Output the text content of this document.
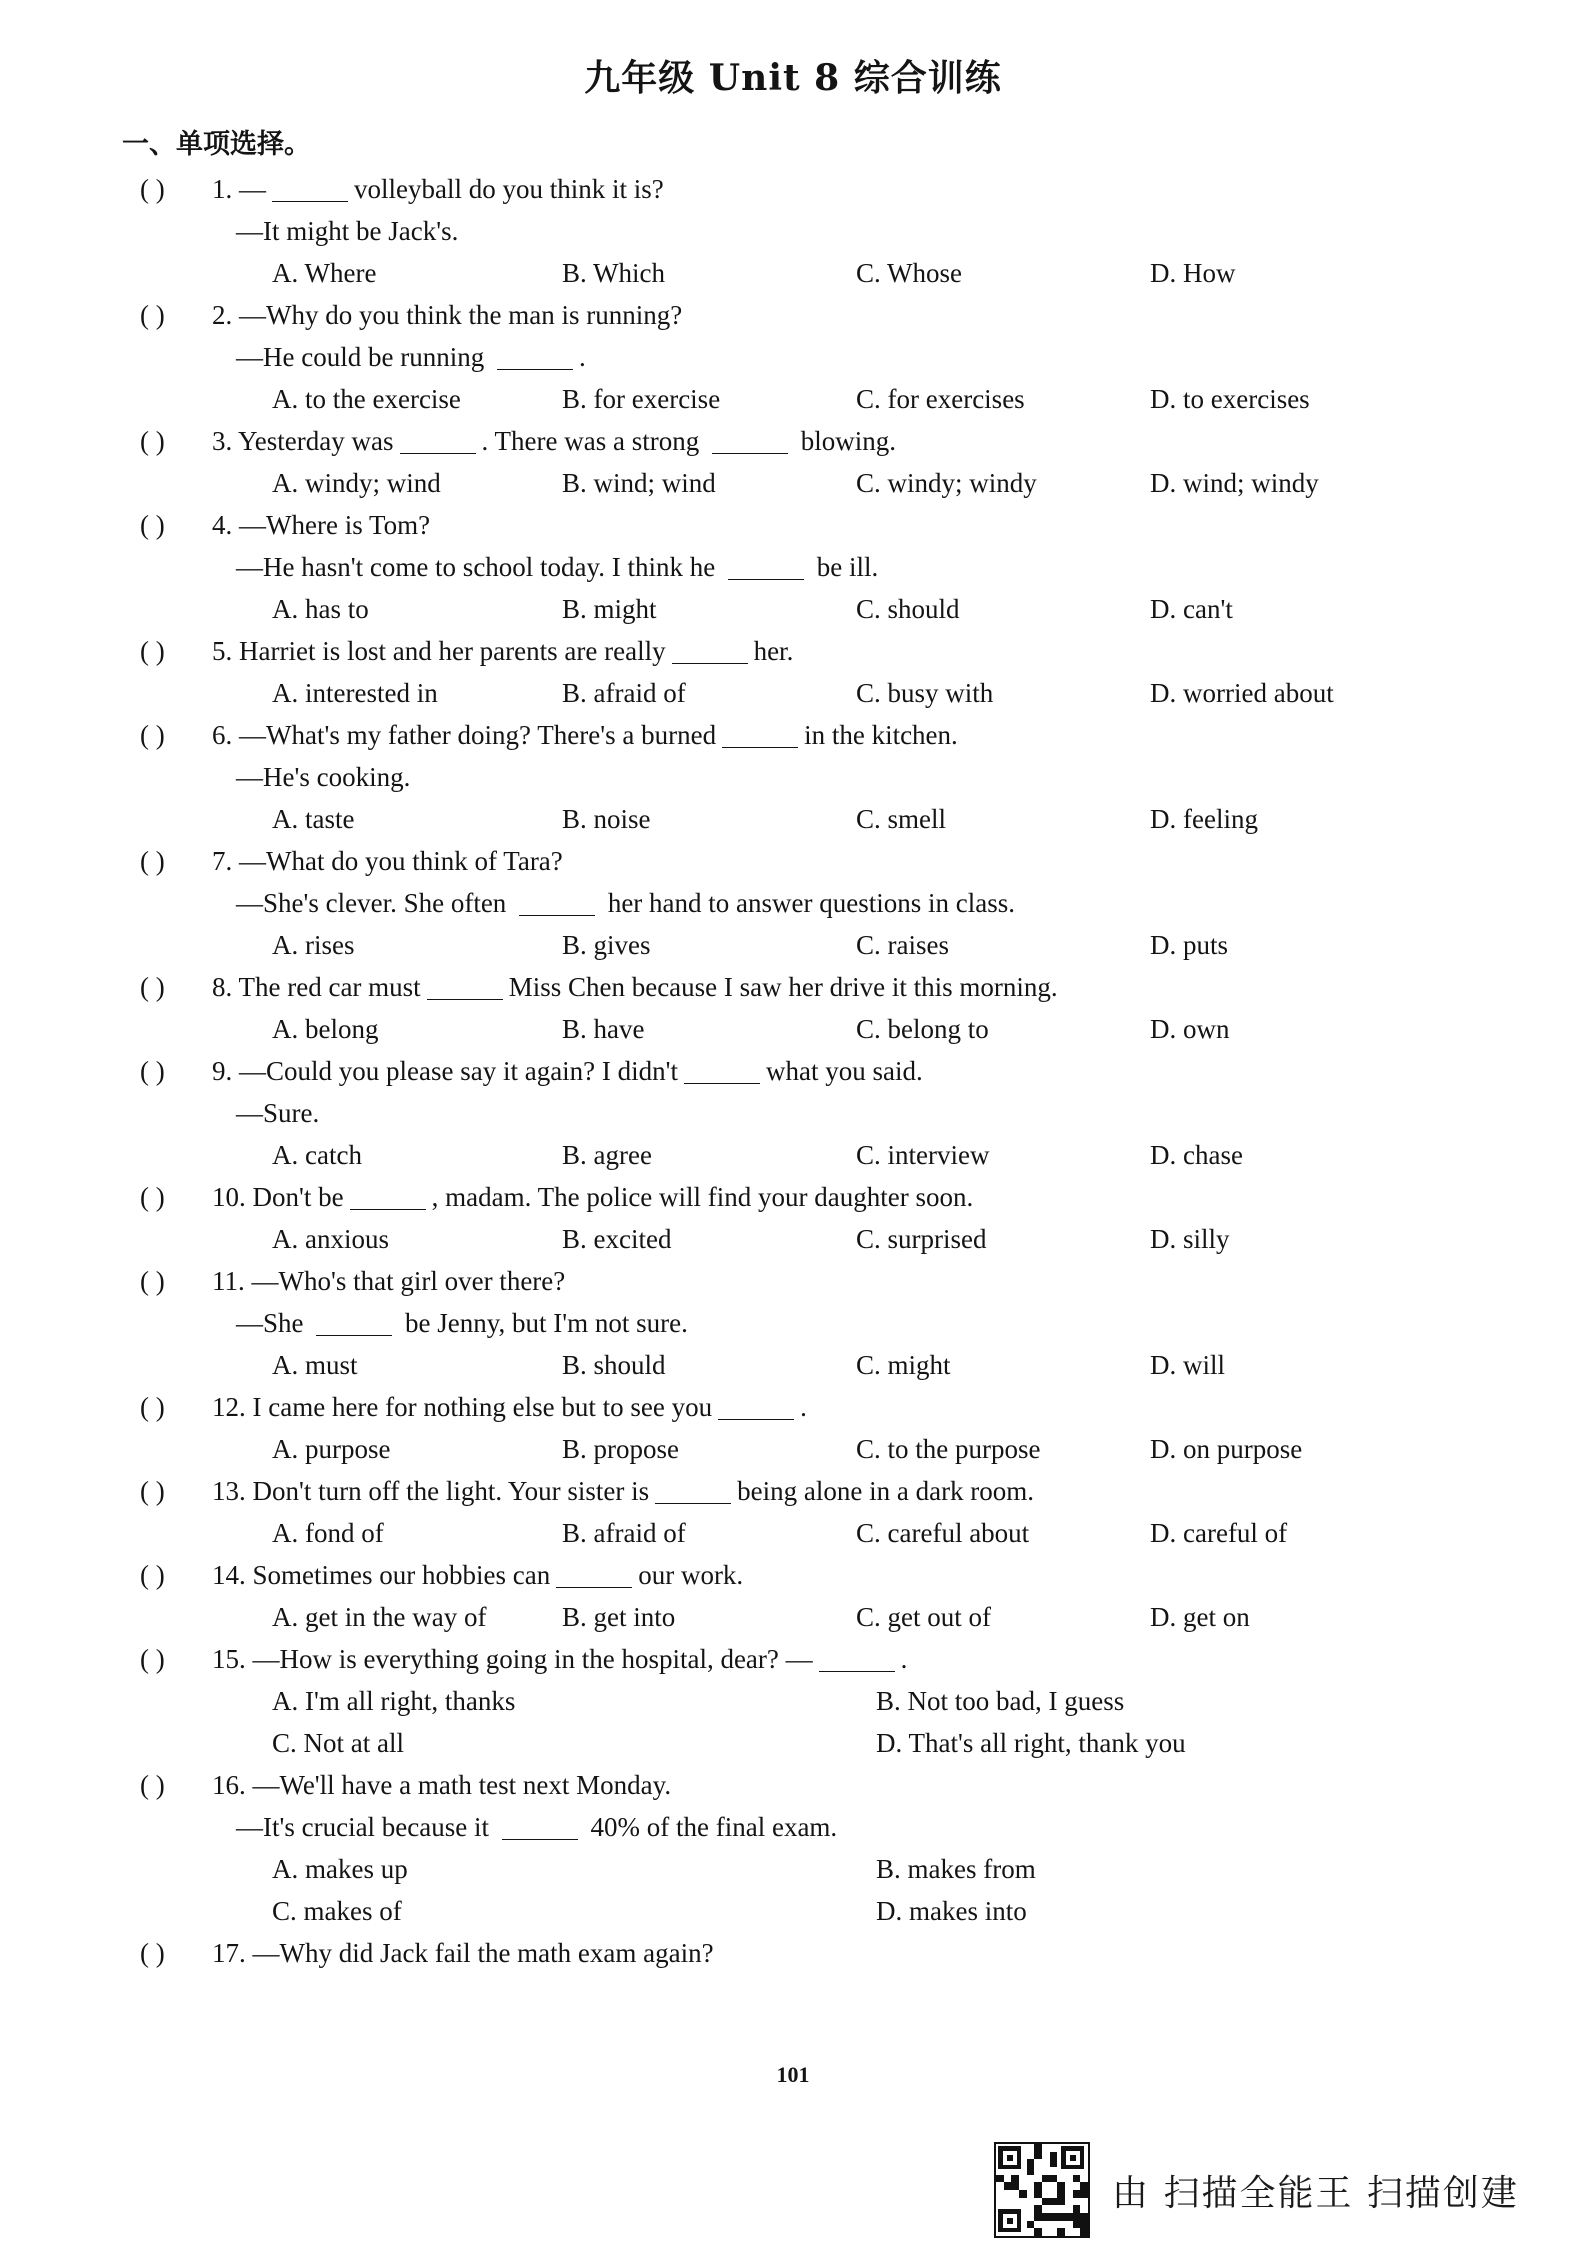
九年级 Unit 8 综合训练
一、单项选择。
( ) 1. —	volleyball do you think it is?
—It might be Jack's.
A. Where	B. Which	C. Whose	D. How
( ) 2. —Why do you think the man is running?
—He could be running	.
A. to the exercise	B. for exercise	C. for exercises	D. to exercises
( ) 3. Yesterday was	. There was a strong	blowing.
A. windy; wind	B. wind; wind	C. windy; windy	D. wind; windy
( ) 4. —Where is Tom?
—He hasn't come to school today. I think he	be ill.
A. has to	B. might	C. should	D. can't
( ) 5. Harriet is lost and her parents are really	her.
A. interested in	B. afraid of	C. busy with	D. worried about
( ) 6. —What's my father doing? There's a burned	in the kitchen.
—He's cooking.
A. taste	B. noise	C. smell	D. feeling
( ) 7. —What do you think of Tara?
—She's clever. She often	her hand to answer questions in class.
A. rises	B. gives	C. raises	D. puts
( ) 8. The red car must	Miss Chen because I saw her drive it this morning.
A. belong	B. have	C. belong to	D. own
( ) 9. —Could you please say it again? I didn't	what you said.
—Sure.
A. catch	B. agree	C. interview	D. chase
( ) 10. Don't be	, madam. The police will find your daughter soon.
A. anxious	B. excited	C. surprised	D. silly
( ) 11. —Who's that girl over there?
—She	be Jenny, but I'm not sure.
A. must	B. should	C. might	D. will
( ) 12. I came here for nothing else but to see you	.
A. purpose	B. propose	C. to the purpose	D. on purpose
( ) 13. Don't turn off the light. Your sister is	being alone in a dark room.
A. fond of	B. afraid of	C. careful about	D. careful of
( ) 14. Sometimes our hobbies can	our work.
A. get in the way of	B. get into	C. get out of	D. get on
( ) 15. —How is everything going in the hospital, dear? —	.
A. I'm all right, thanks	B. Not too bad, I guess
C. Not at all	D. That's all right, thank you
( ) 16. —We'll have a math test next Monday.
—It's crucial because it	40% of the final exam.
A. makes up	B. makes from
C. makes of	D. makes into
( ) 17. —Why did Jack fail the math exam again?
101
由 扫描全能王 扫描创建
